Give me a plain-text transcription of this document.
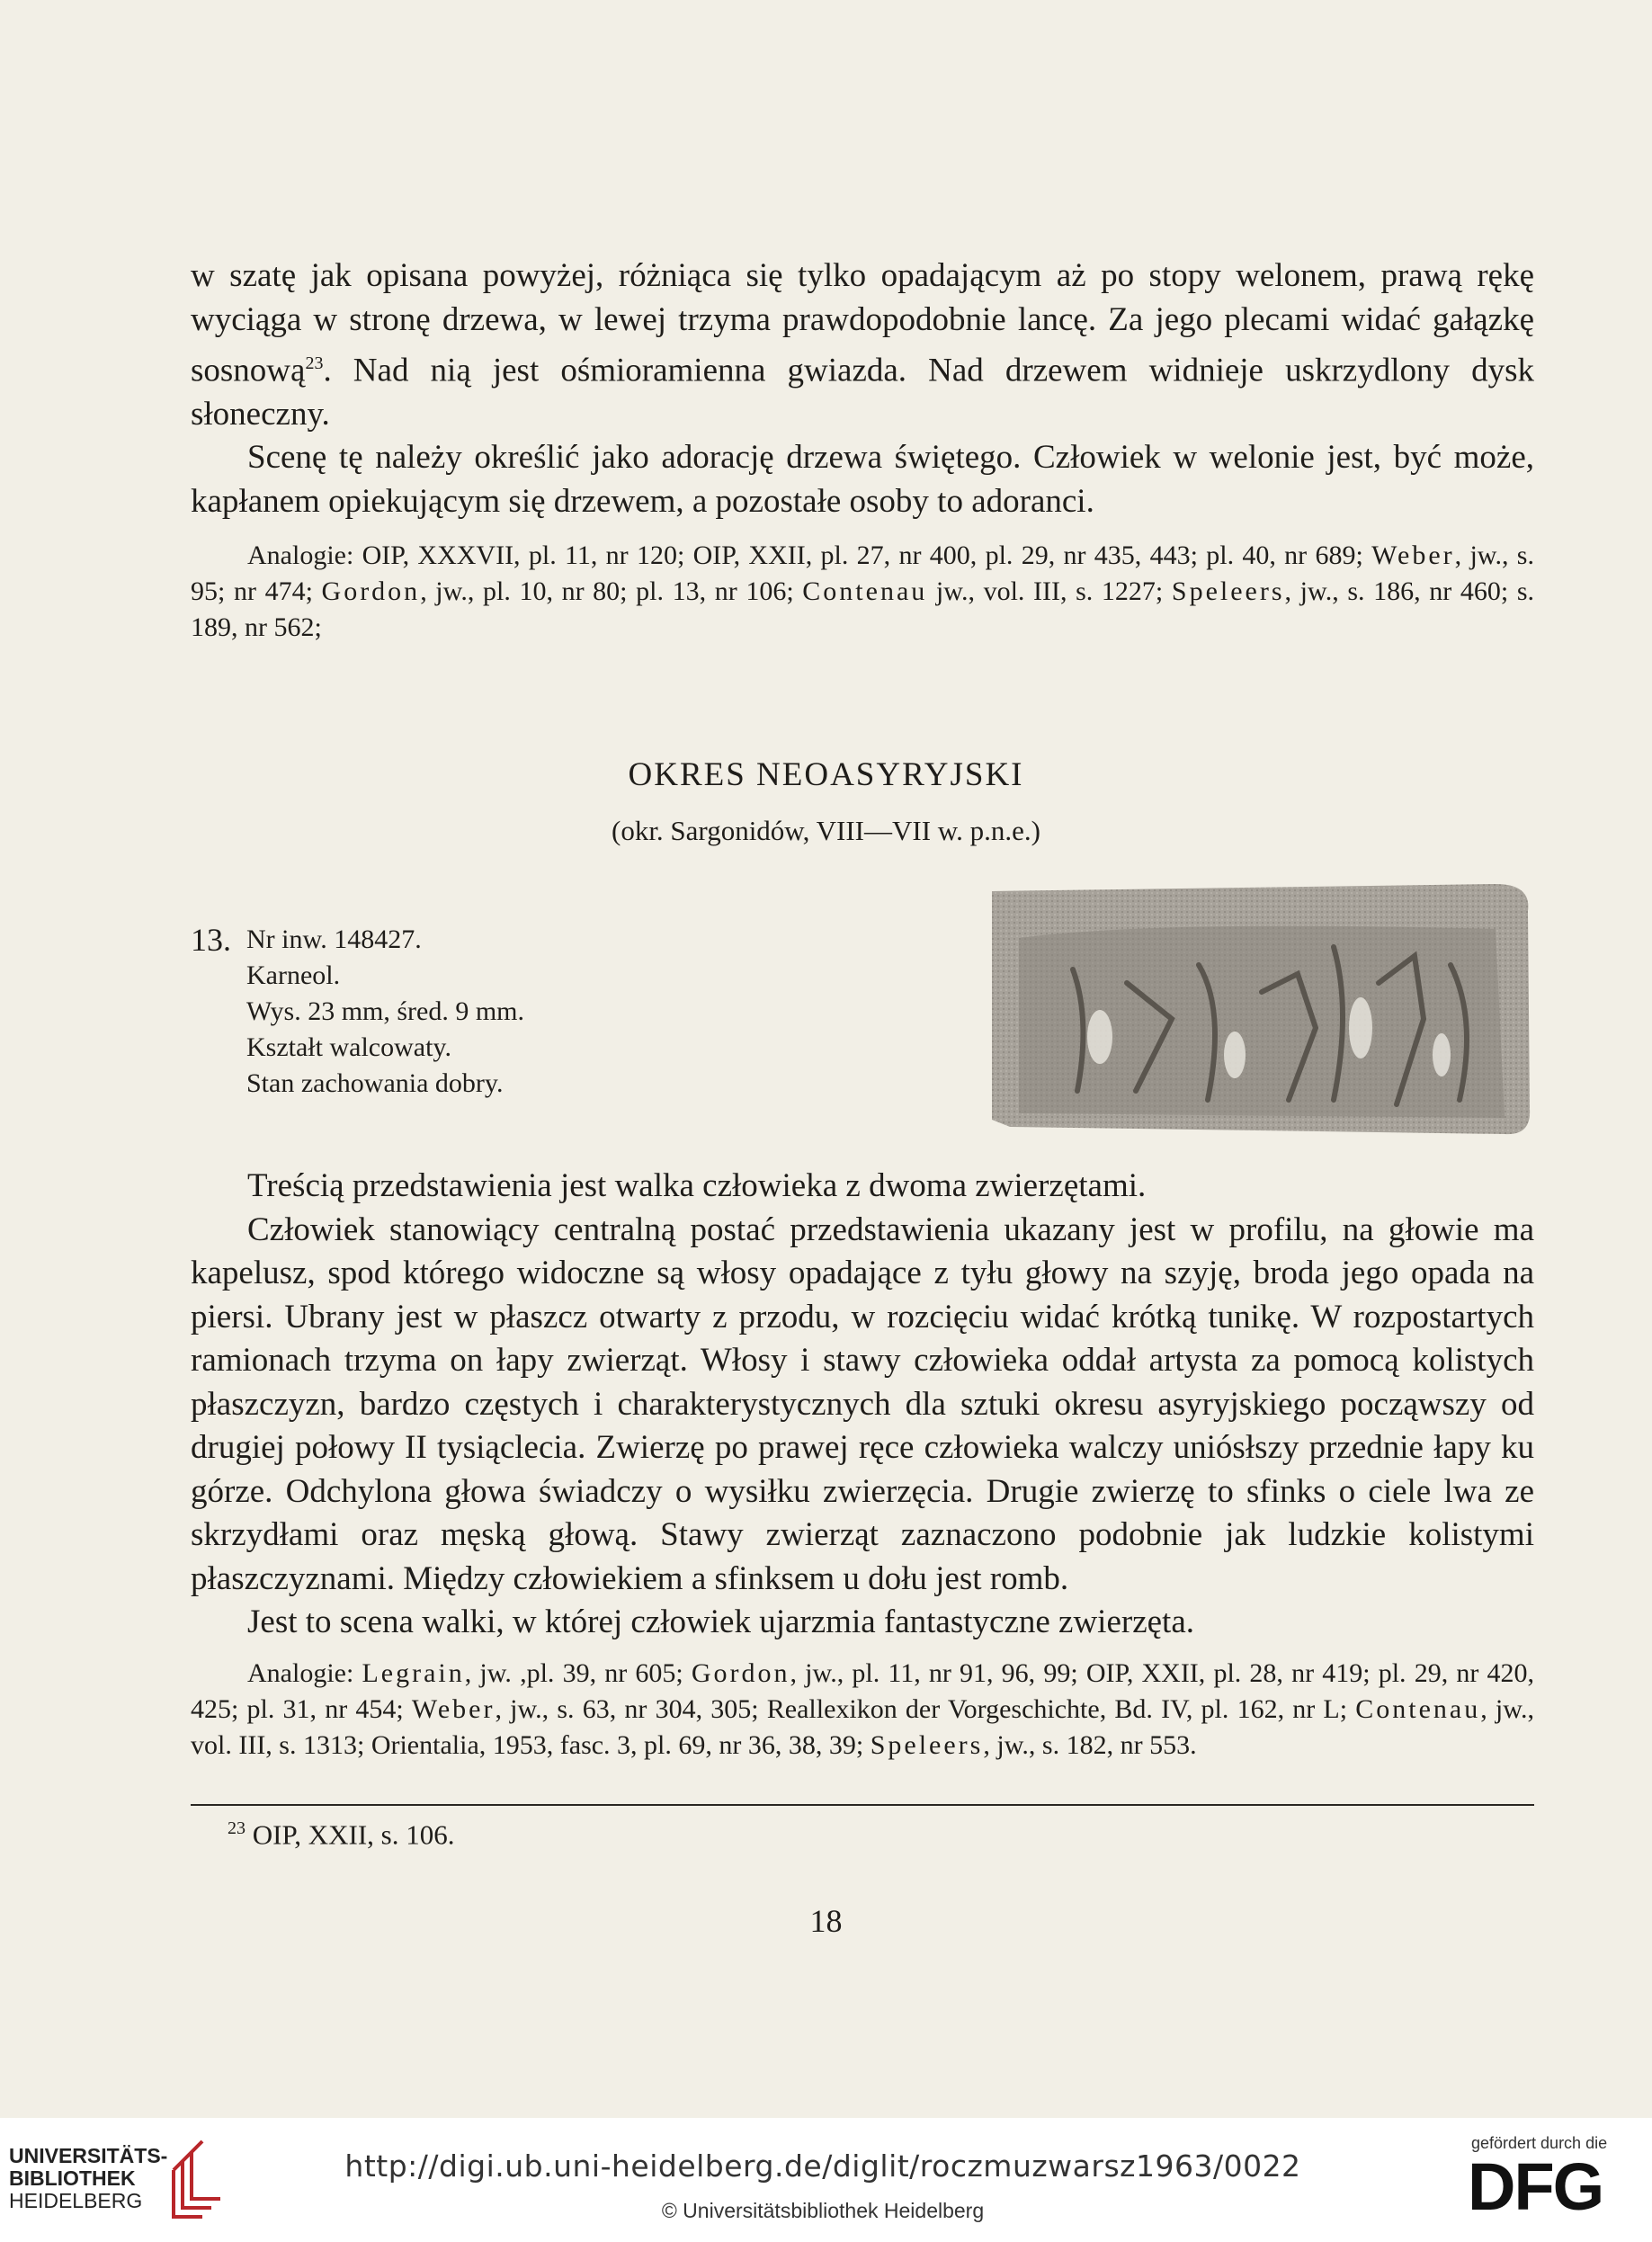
w szatę jak opisana powyżej, różniąca się tylko opadającym aż po stopy welonem, prawą rękę wyciąga w stronę drzewa, w lewej trzyma prawdopodobnie lancę. Za jego plecami widać gałązkę sosnową$^{23}$. Nad nią jest ośmioramienna gwiazda. Nad drzewem widnieje uskrzydlony dysk słoneczny.

Scenę tę należy określić jako adorację drzewa świętego. Człowiek w welonie jest, być może, kapłanem opiekującym się drzewem, a pozostałe osoby to adoranci.

Analogie: OIP, XXXVII, pl. 11, nr 120; OIP, XXII, pl. 27, nr 400, pl. 29, nr 435, 443; pl. 40, nr 689; Weber, jw., s. 95; nr 474; Gordon, jw., pl. 10, nr 80; pl. 13, nr 106; Contenau jw., vol. III, s. 1227; Speleers, jw., s. 186, nr 460; s. 189, nr 562;

OKRES NEOASYRYJSKI
(okr. Sargonidów, VIII—VII w. p.n.e.)
13. Nr inw. 148427.
Karneol.
Wys. 23 mm, śred. 9 mm.
Kształt walcowaty.
Stan zachowania dobry.

Treścią przedstawienia jest walka człowieka z dwoma zwierzętami.

Człowiek stanowiący centralną postać przedstawienia ukazany jest w profilu, na głowie ma kapelusz, spod którego widoczne są włosy opadające z tyłu głowy na szyję, broda jego opada na piersi. Ubrany jest w płaszcz otwarty z przodu, w rozcięciu widać krótką tunikę. W rozpostartych ramionach trzyma on łapy zwierząt. Włosy i stawy człowieka oddał artysta za pomocą kolistych płaszczyzn, bardzo częstych i charakterystycznych dla sztuki okresu asyryjskiego począwszy od drugiej połowy II tysiąclecia. Zwierzę po prawej ręce człowieka walczy uniósłszy przednie łapy ku górze. Odchylona głowa świadczy o wysiłku zwierzęcia. Drugie zwierzę to sfinks o ciele lwa ze skrzydłami oraz męską głową. Stawy zwierząt zaznaczono podobnie jak ludzkie kolistymi płaszczyznami. Między człowiekiem a sfinksem u dołu jest romb.

Jest to scena walki, w której człowiek ujarzmia fantastyczne zwierzęta.

Analogie: Legrain, jw. ,pl. 39, nr 605; Gordon, jw., pl. 11, nr 91, 96, 99; OIP, XXII, pl. 28, nr 419; pl. 29, nr 420, 425; pl. 31, nr 454; Weber, jw., s. 63, nr 304, 305; Reallexikon der Vorgeschichte, Bd. IV, pl. 162, nr L; Contenau, jw., vol. III, s. 1313; Orientalia, 1953, fasc. 3, pl. 69, nr 36, 38, 39; Speleers, jw., s. 182, nr 553.

$^{23}$ OIP, XXII, s. 106.
18
UNIVERSITÄTS-
BIBLIOTHEK
HEIDELBERG
http://digi.ub.uni-heidelberg.de/diglit/roczmuzwarsz1963/0022
© Universitätsbibliothek Heidelberg
gefördert durch die
DFG
